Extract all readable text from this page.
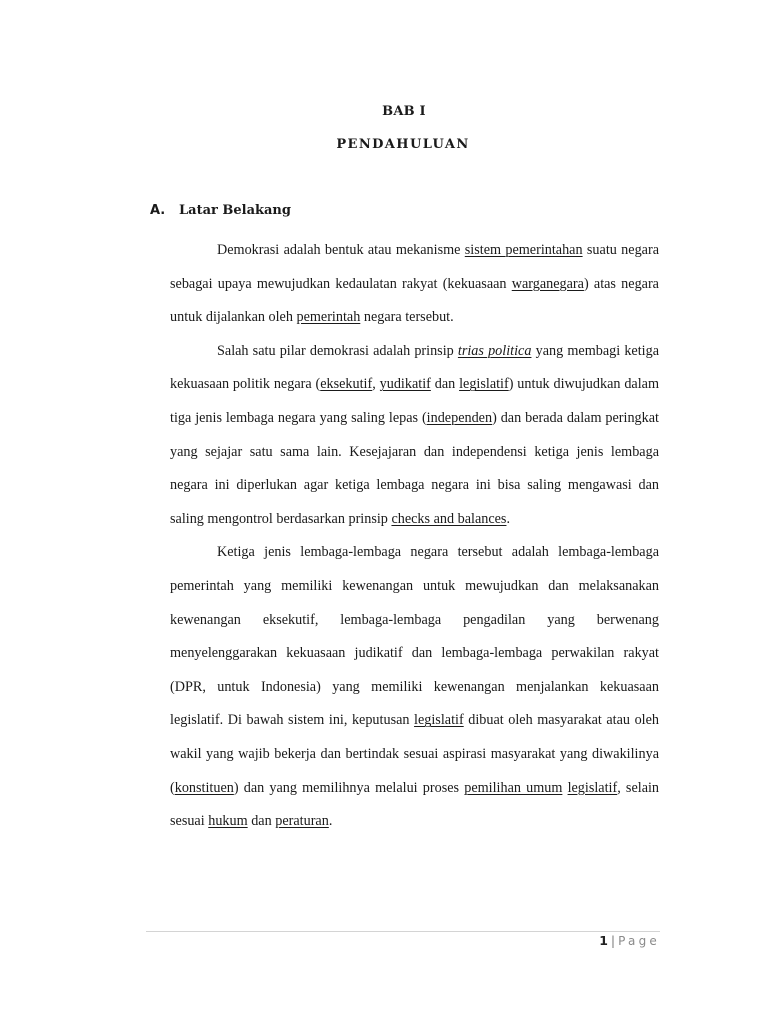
BAB I
PENDAHULUAN
A.	Latar Belakang

Demokrasi adalah bentuk atau mekanisme sistem pemerintahan suatu negara sebagai upaya mewujudkan kedaulatan rakyat (kekuasaan warganegara) atas negara untuk dijalankan oleh pemerintah negara tersebut.

Salah satu pilar demokrasi adalah prinsip trias politica yang membagi ketiga kekuasaan politik negara (eksekutif, yudikatif dan legislatif) untuk diwujudkan dalam tiga jenis lembaga negara yang saling lepas (independen) dan berada dalam peringkat yang sejajar satu sama lain. Kesejajaran dan independensi ketiga jenis lembaga negara ini diperlukan agar ketiga lembaga negara ini bisa saling mengawasi dan saling mengontrol berdasarkan prinsip checks and balances.

Ketiga jenis lembaga-lembaga negara tersebut adalah lembaga-lembaga pemerintah yang memiliki kewenangan untuk mewujudkan dan melaksanakan kewenangan eksekutif, lembaga-lembaga pengadilan yang berwenang menyelenggarakan kekuasaan judikatif dan lembaga-lembaga perwakilan rakyat (DPR, untuk Indonesia) yang memiliki kewenangan menjalankan kekuasaan legislatif. Di bawah sistem ini, keputusan legislatif dibuat oleh masyarakat atau oleh wakil yang wajib bekerja dan bertindak sesuai aspirasi masyarakat yang diwakilinya (konstituen) dan yang memilihnya melalui proses pemilihan umum legislatif, selain sesuai hukum dan peraturan.

1 | Page
